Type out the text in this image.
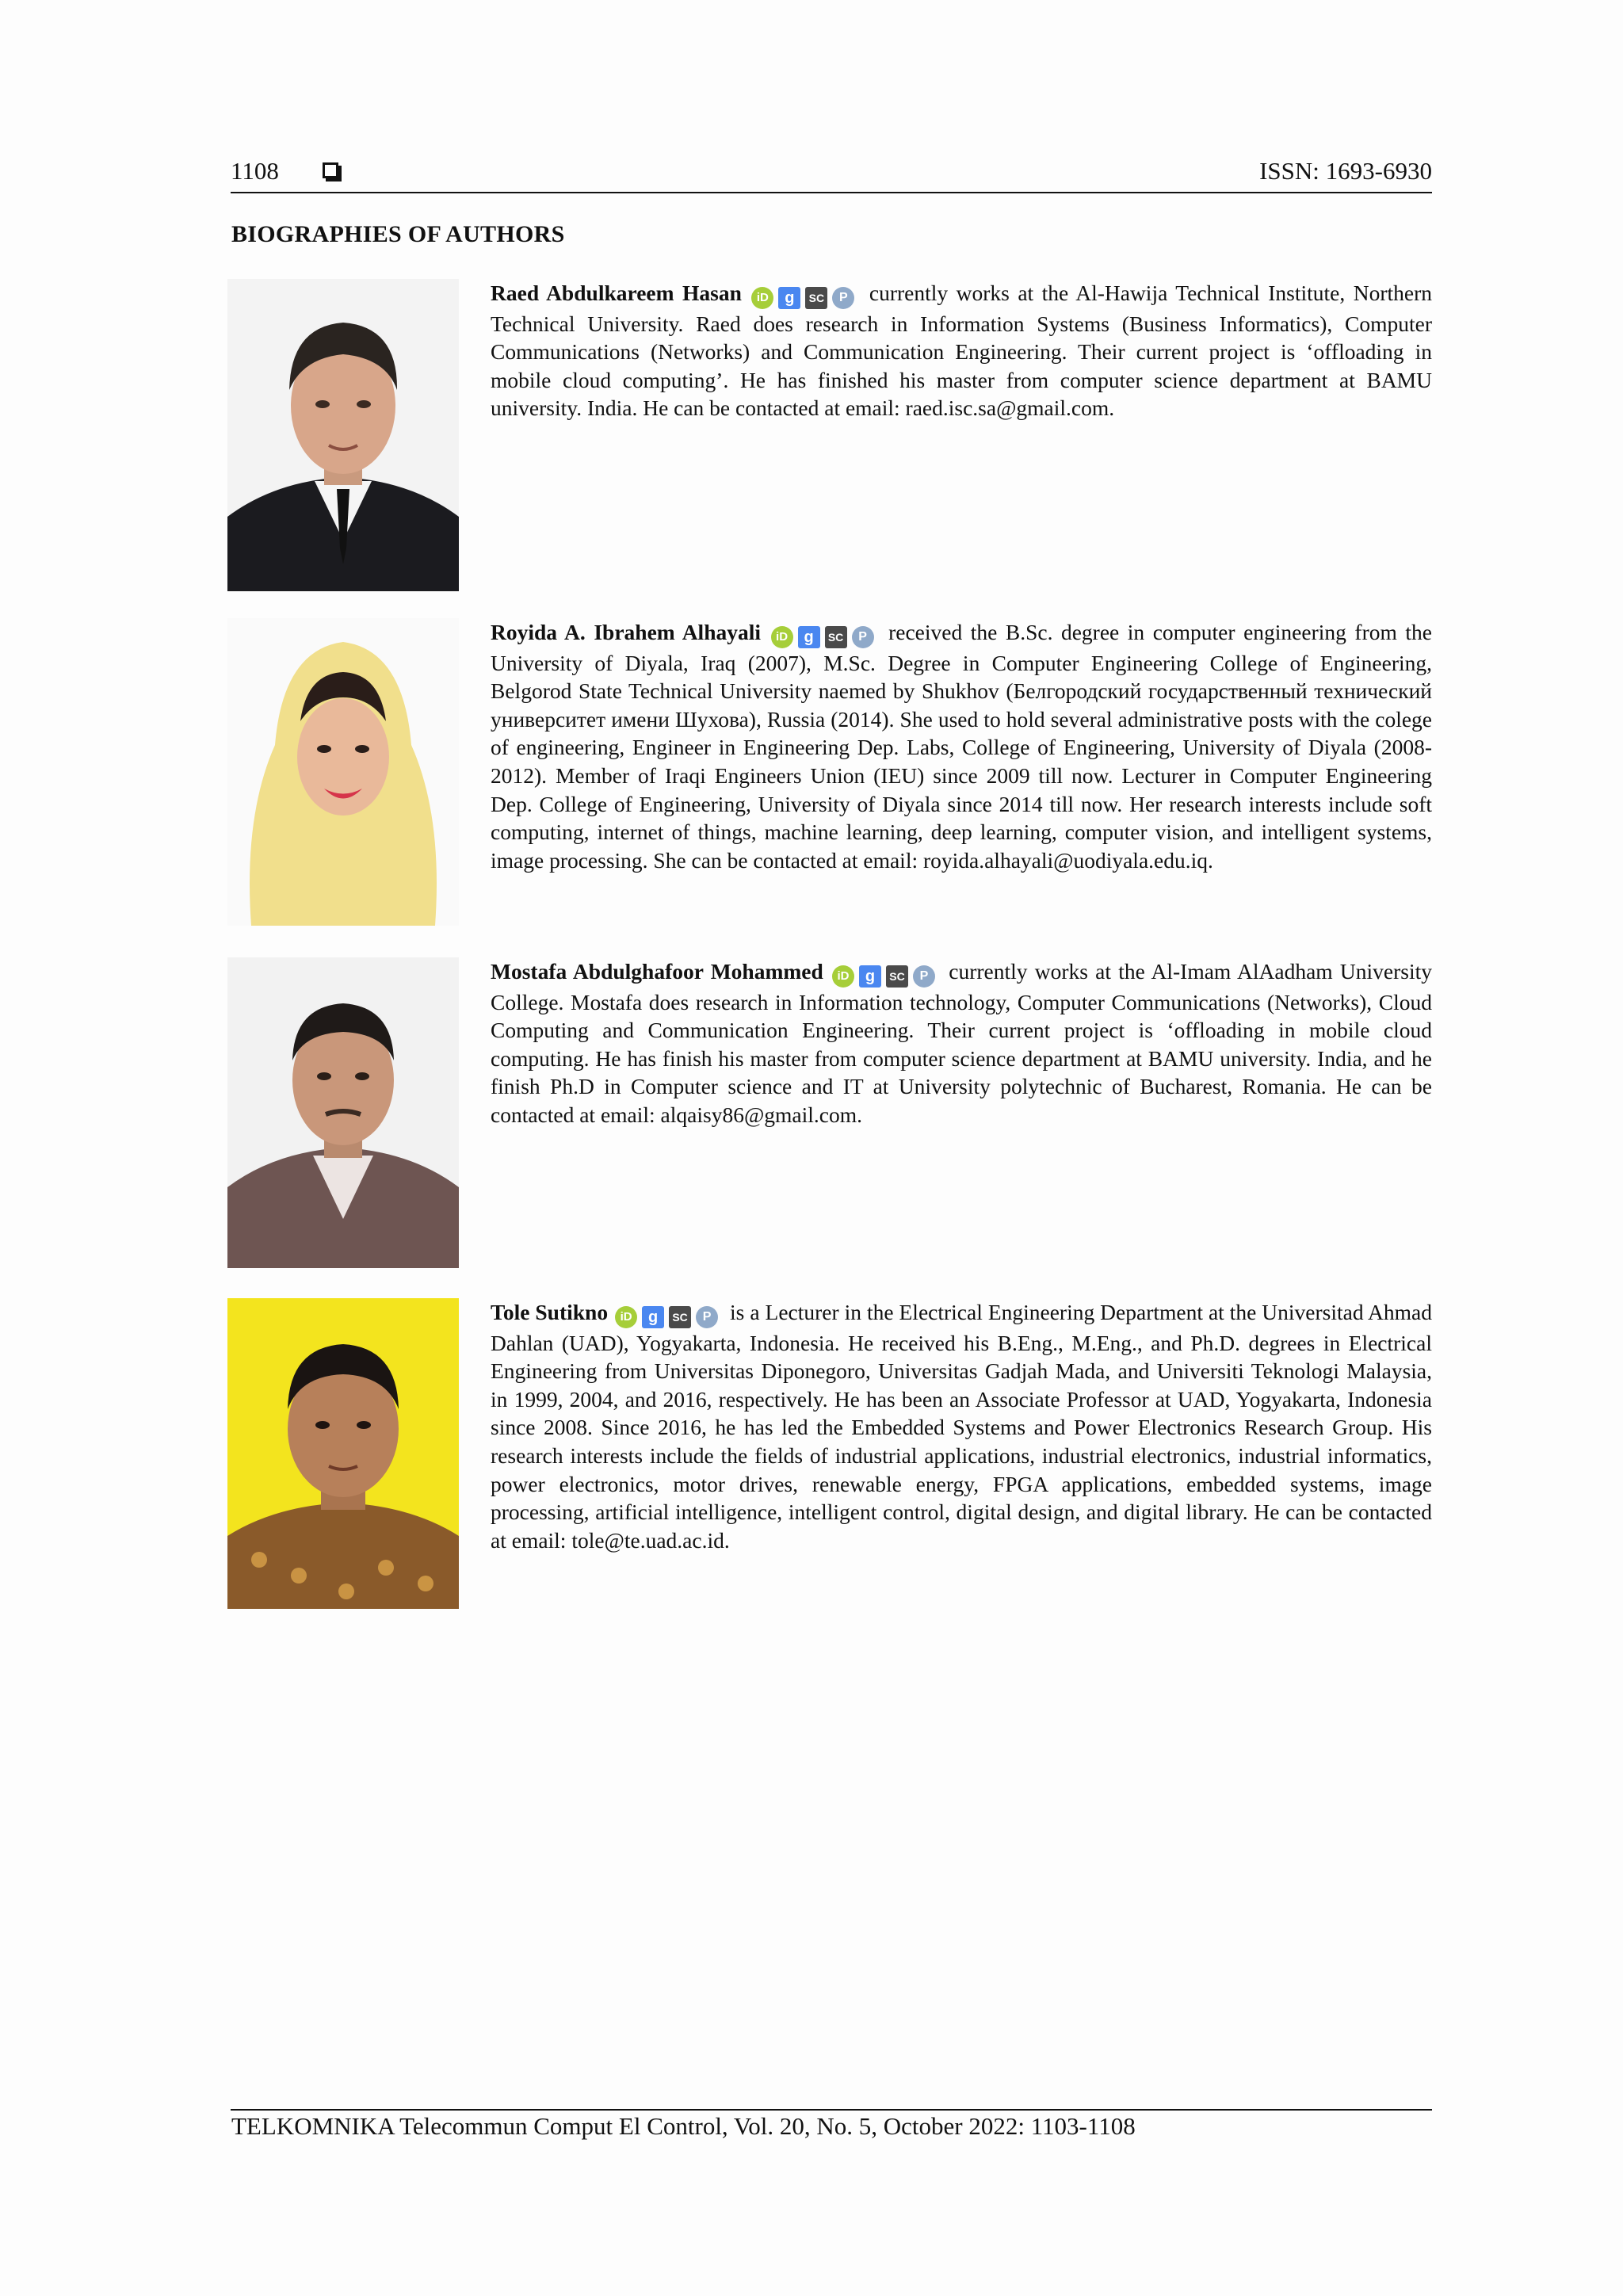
1108	ISSN: 1693-6930
BIOGRAPHIES OF AUTHORS
Raed Abdulkareem Hasan iD g SC P currently works at the Al-Hawija Technical Institute, Northern Technical University. Raed does research in Information Systems (Business Informatics), Computer Communications (Networks) and Communication Engineering. Their current project is ‘offloading in mobile cloud computing’. He has finished his master from computer science department at BAMU university. India. He can be contacted at email: raed.isc.sa@gmail.com.
Royida A. Ibrahem Alhayali iD g SC P received the B.Sc. degree in computer engineering from the University of Diyala, Iraq (2007), M.Sc. Degree in Computer Engineering College of Engineering, Belgorod State Technical University naemed by Shukhov (Белгородский государственный технический университет имени Шухова), Russia (2014). She used to hold several administrative posts with the colege of engineering, Engineer in Engineering Dep. Labs, College of Engineering, University of Diyala (2008-2012). Member of Iraqi Engineers Union (IEU) since 2009 till now. Lecturer in Computer Engineering Dep. College of Engineering, University of Diyala since 2014 till now. Her research interests include soft computing, internet of things, machine learning, deep learning, computer vision, and intelligent systems, image processing. She can be contacted at email: royida.alhayali@uodiyala.edu.iq.
Mostafa Abdulghafoor Mohammed iD g SC P currently works at the Al-Imam AlAadham University College. Mostafa does research in Information technology, Computer Communications (Networks), Cloud Computing and Communication Engineering. Their current project is ‘offloading in mobile cloud computing. He has finish his master from computer science department at BAMU university. India, and he finish Ph.D in Computer science and IT at University polytechnic of Bucharest, Romania. He can be contacted at email: alqaisy86@gmail.com.
Tole Sutikno iD g SC P is a Lecturer in the Electrical Engineering Department at the Universitad Ahmad Dahlan (UAD), Yogyakarta, Indonesia. He received his B.Eng., M.Eng., and Ph.D. degrees in Electrical Engineering from Universitas Diponegoro, Universitas Gadjah Mada, and Universiti Teknologi Malaysia, in 1999, 2004, and 2016, respectively. He has been an Associate Professor at UAD, Yogyakarta, Indonesia since 2008. Since 2016, he has led the Embedded Systems and Power Electronics Research Group. His research interests include the fields of industrial applications, industrial electronics, industrial informatics, power electronics, motor drives, renewable energy, FPGA applications, embedded systems, image processing, artificial intelligence, intelligent control, digital design, and digital library. He can be contacted at email: tole@te.uad.ac.id.
TELKOMNIKA Telecommun Comput El Control, Vol. 20, No. 5, October 2022: 1103-1108
